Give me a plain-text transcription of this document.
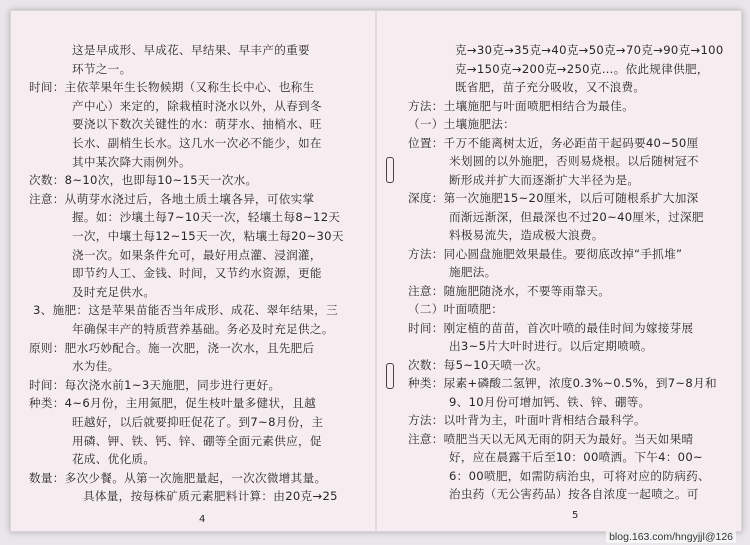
这是早成形、早成花、早结果、早丰产的重要
环节之一。
时间：主依苹果年生长物候期（又称生长中心、也称生
产中心）来定的，除栽植时浇水以外，从春到冬
要浇以下数次关键性的水：萌芽水、抽梢水、旺
长水、副梢生长水。这几水一次必不能少，如在
其中某次降大雨例外。
次数：8~10次，也即每10~15天一次水。
注意：从萌芽水浇过后，各地土质土壤各异，可依实掌
握。如：沙壤土每7~10天一次，轻壤土每8~12天
一次，中壤土每12~15天一次，粘壤土每20~30天
浇一次。如果条件允可，最好用点灌、浸润灌，
即节约人工、金钱、时间，又节约水资源，更能
及时充足供水。
3、施肥：这是苹果苗能否当年成形、成花、翠年结果，三
年确保丰产的特质营养基础。务必及时充足供之。
原则：肥水巧妙配合。施一次肥，浇一次水，且先肥后
水为佳。
时间：每次浇水前1~3天施肥，同步进行更好。
种类：4~6月份，主用氮肥，促生枝叶量多健状，且越
旺越好，以后就要抑旺促花了。到7~8月份，主
用磷、钾、铁、钙、锌、硼等全面元素供应，促
花成、优化质。
数量：多次少餐。从第一次施肥量起，一次次微增其量。
具体量，按每株矿质元素肥料计算：由20克→25
4
克→30克→35克→40克→50克→70克→90克→100
克→150克→200克→250克…。依此规律供肥，
既省肥，苗子充分吸收，又不浪费。
方法：土壤施肥与叶面喷肥相结合为最佳。
（一）土壤施肥法：
位置：千万不能离树太近，务必距苗干起码要40~50厘
米划圆的以外施肥，否则易烧根。以后随树冠不
断形成并扩大而逐渐扩大半径为是。
深度：第一次施肥15~20厘米，以后可随根系扩大加深
而渐远渐深，但最深也不过20~40厘米，过深肥
料极易流失，造成极大浪费。
方法：同心圆盘施肥效果最佳。要彻底改掉“手抓堆”
施肥法。
注意：随施肥随浇水，不要等雨靠天。
（二）叶面喷肥：
时间：刚定植的苗苗，首次叶喷的最佳时间为嫁接芽展
出3~5片大叶时进行。以后定期喷喷。
次数：每5~10天喷一次。
种类：尿素+磷酸二氢钾，浓度0.3%~0.5%，到7~8月和
9、10月份可增加钙、铁、锌、硼等。
方法：以叶背为主，叶面叶背相结合最科学。
注意：喷肥当天以无风无雨的阴天为最好。当天如果晴
好，应在晨露干后至10：00喷洒。下午4：00~
6：00喷肥，如需防病治虫，可将对应的防病药、
治虫药（无公害药品）按各自浓度一起喷之。可
5
blog.163.com/hngyjjl@126
